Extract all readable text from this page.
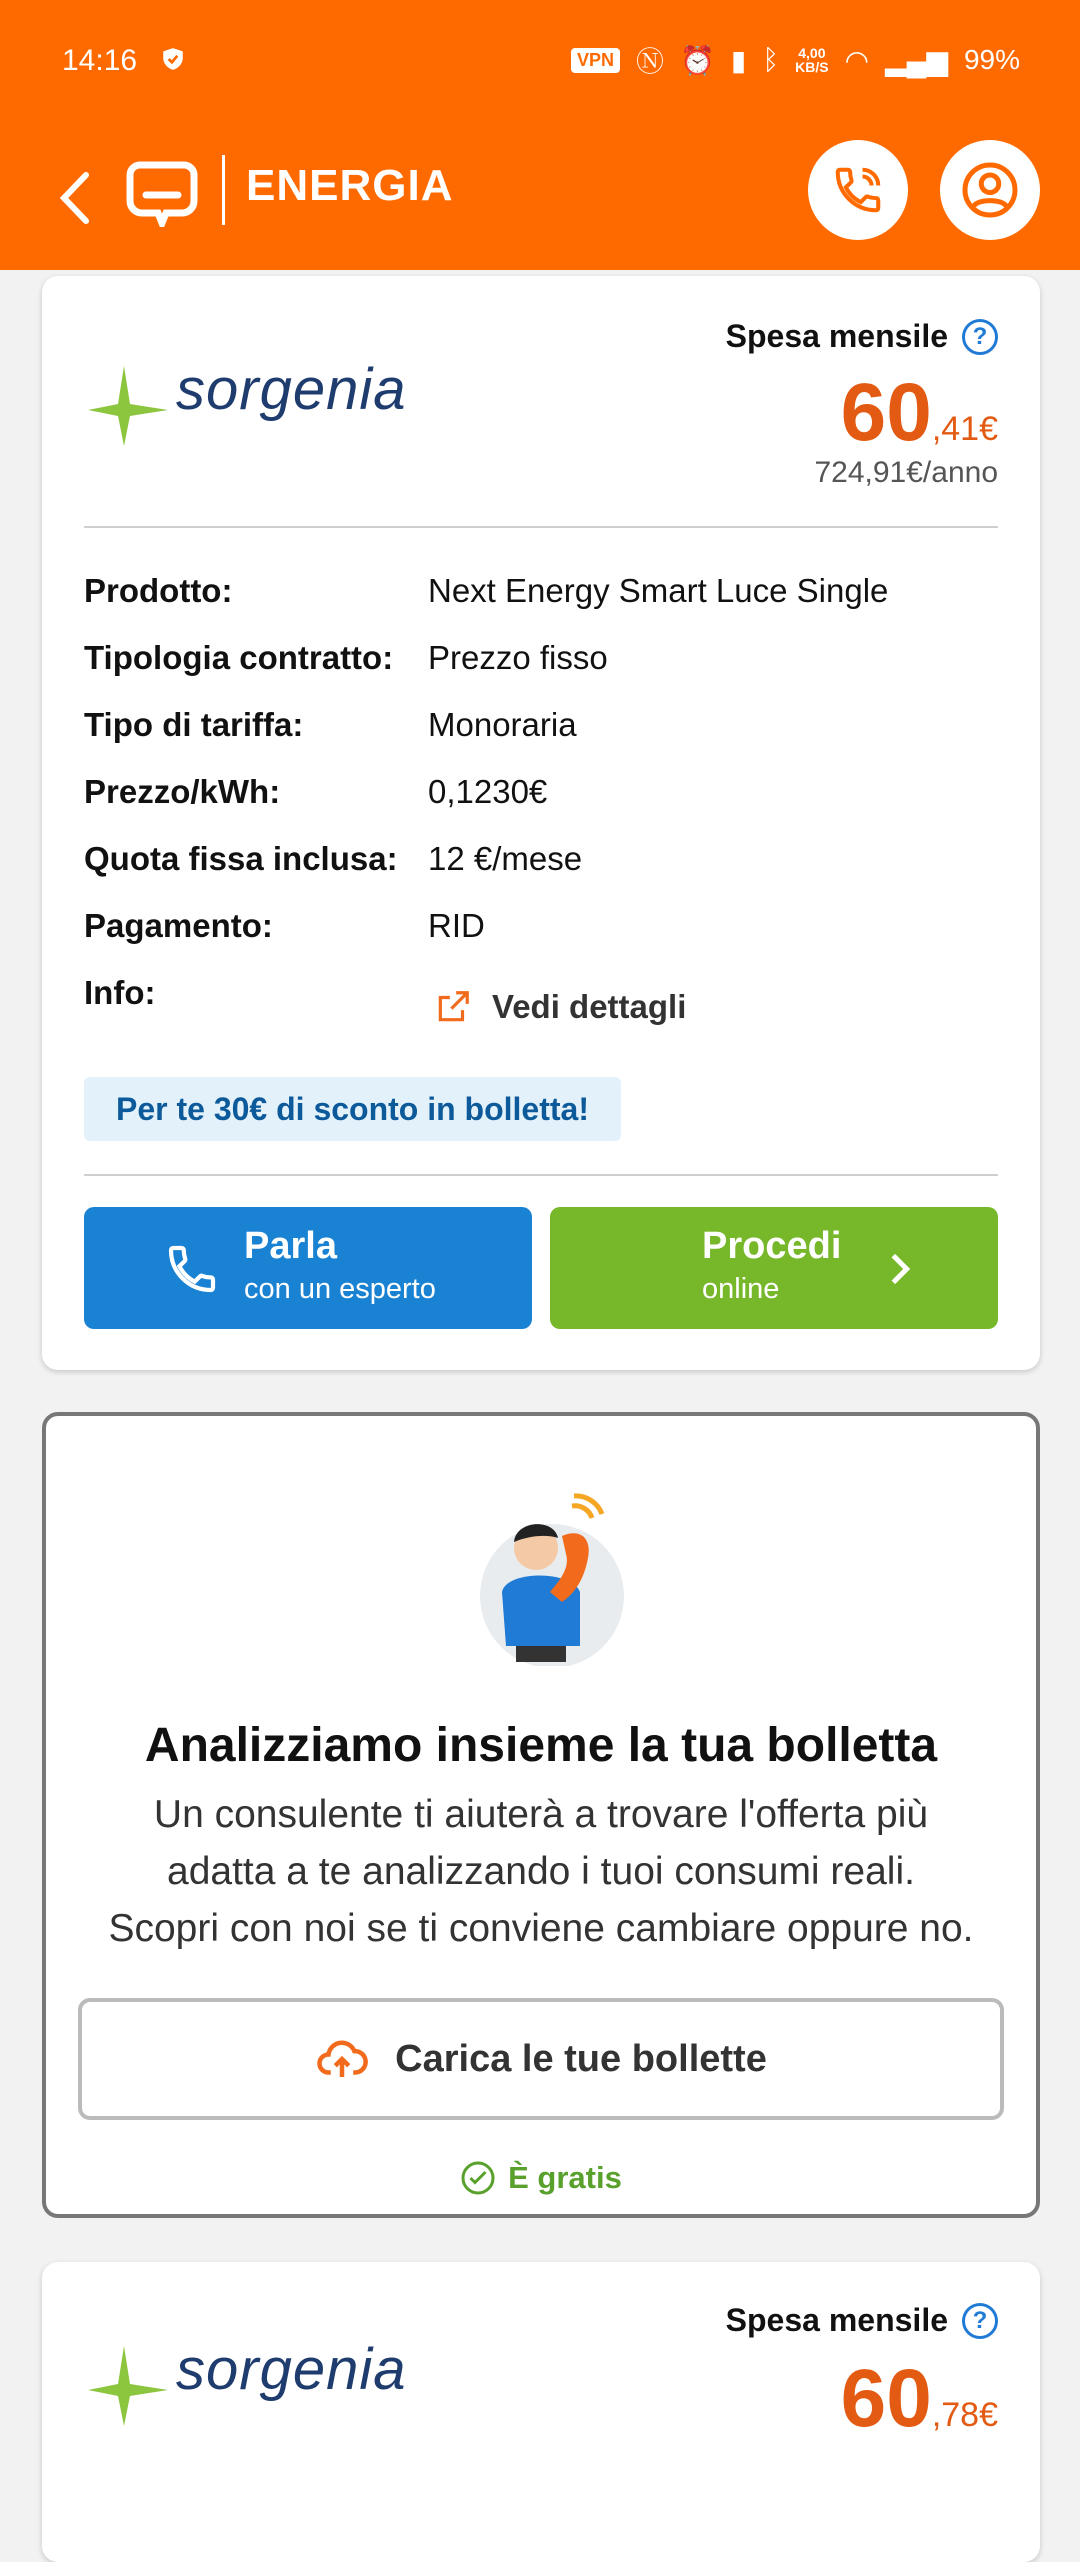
14:16	VPN Ⓝ ⏰ ▮ ᛒ 4,00
KB/S ◠ ▂▄▆ 99%
ENERGIA
sorgenia
Spesa mensile	?
60,41€
724,91€/anno
Prodotto:	Next Energy Smart Luce Single
Tipologia contratto: Prezzo fisso
Tipo di tariffa:	Monoraria
Prezzo/kWh:	0,1230€
Quota fissa inclusa: 12 €/mese
Pagamento:	RID
Info:	Vedi dettagli
Per te 30€ di sconto in bolletta!
Parla
con un esperto
Procedi
online
Analizziamo insieme la tua bolletta
Un consulente ti aiuterà a trovare l'offerta più
adatta a te analizzando i tuoi consumi reali.
Scopri con noi se ti conviene cambiare oppure no.
Carica le tue bollette
È gratis
sorgenia
Spesa mensile	?
60,78€
